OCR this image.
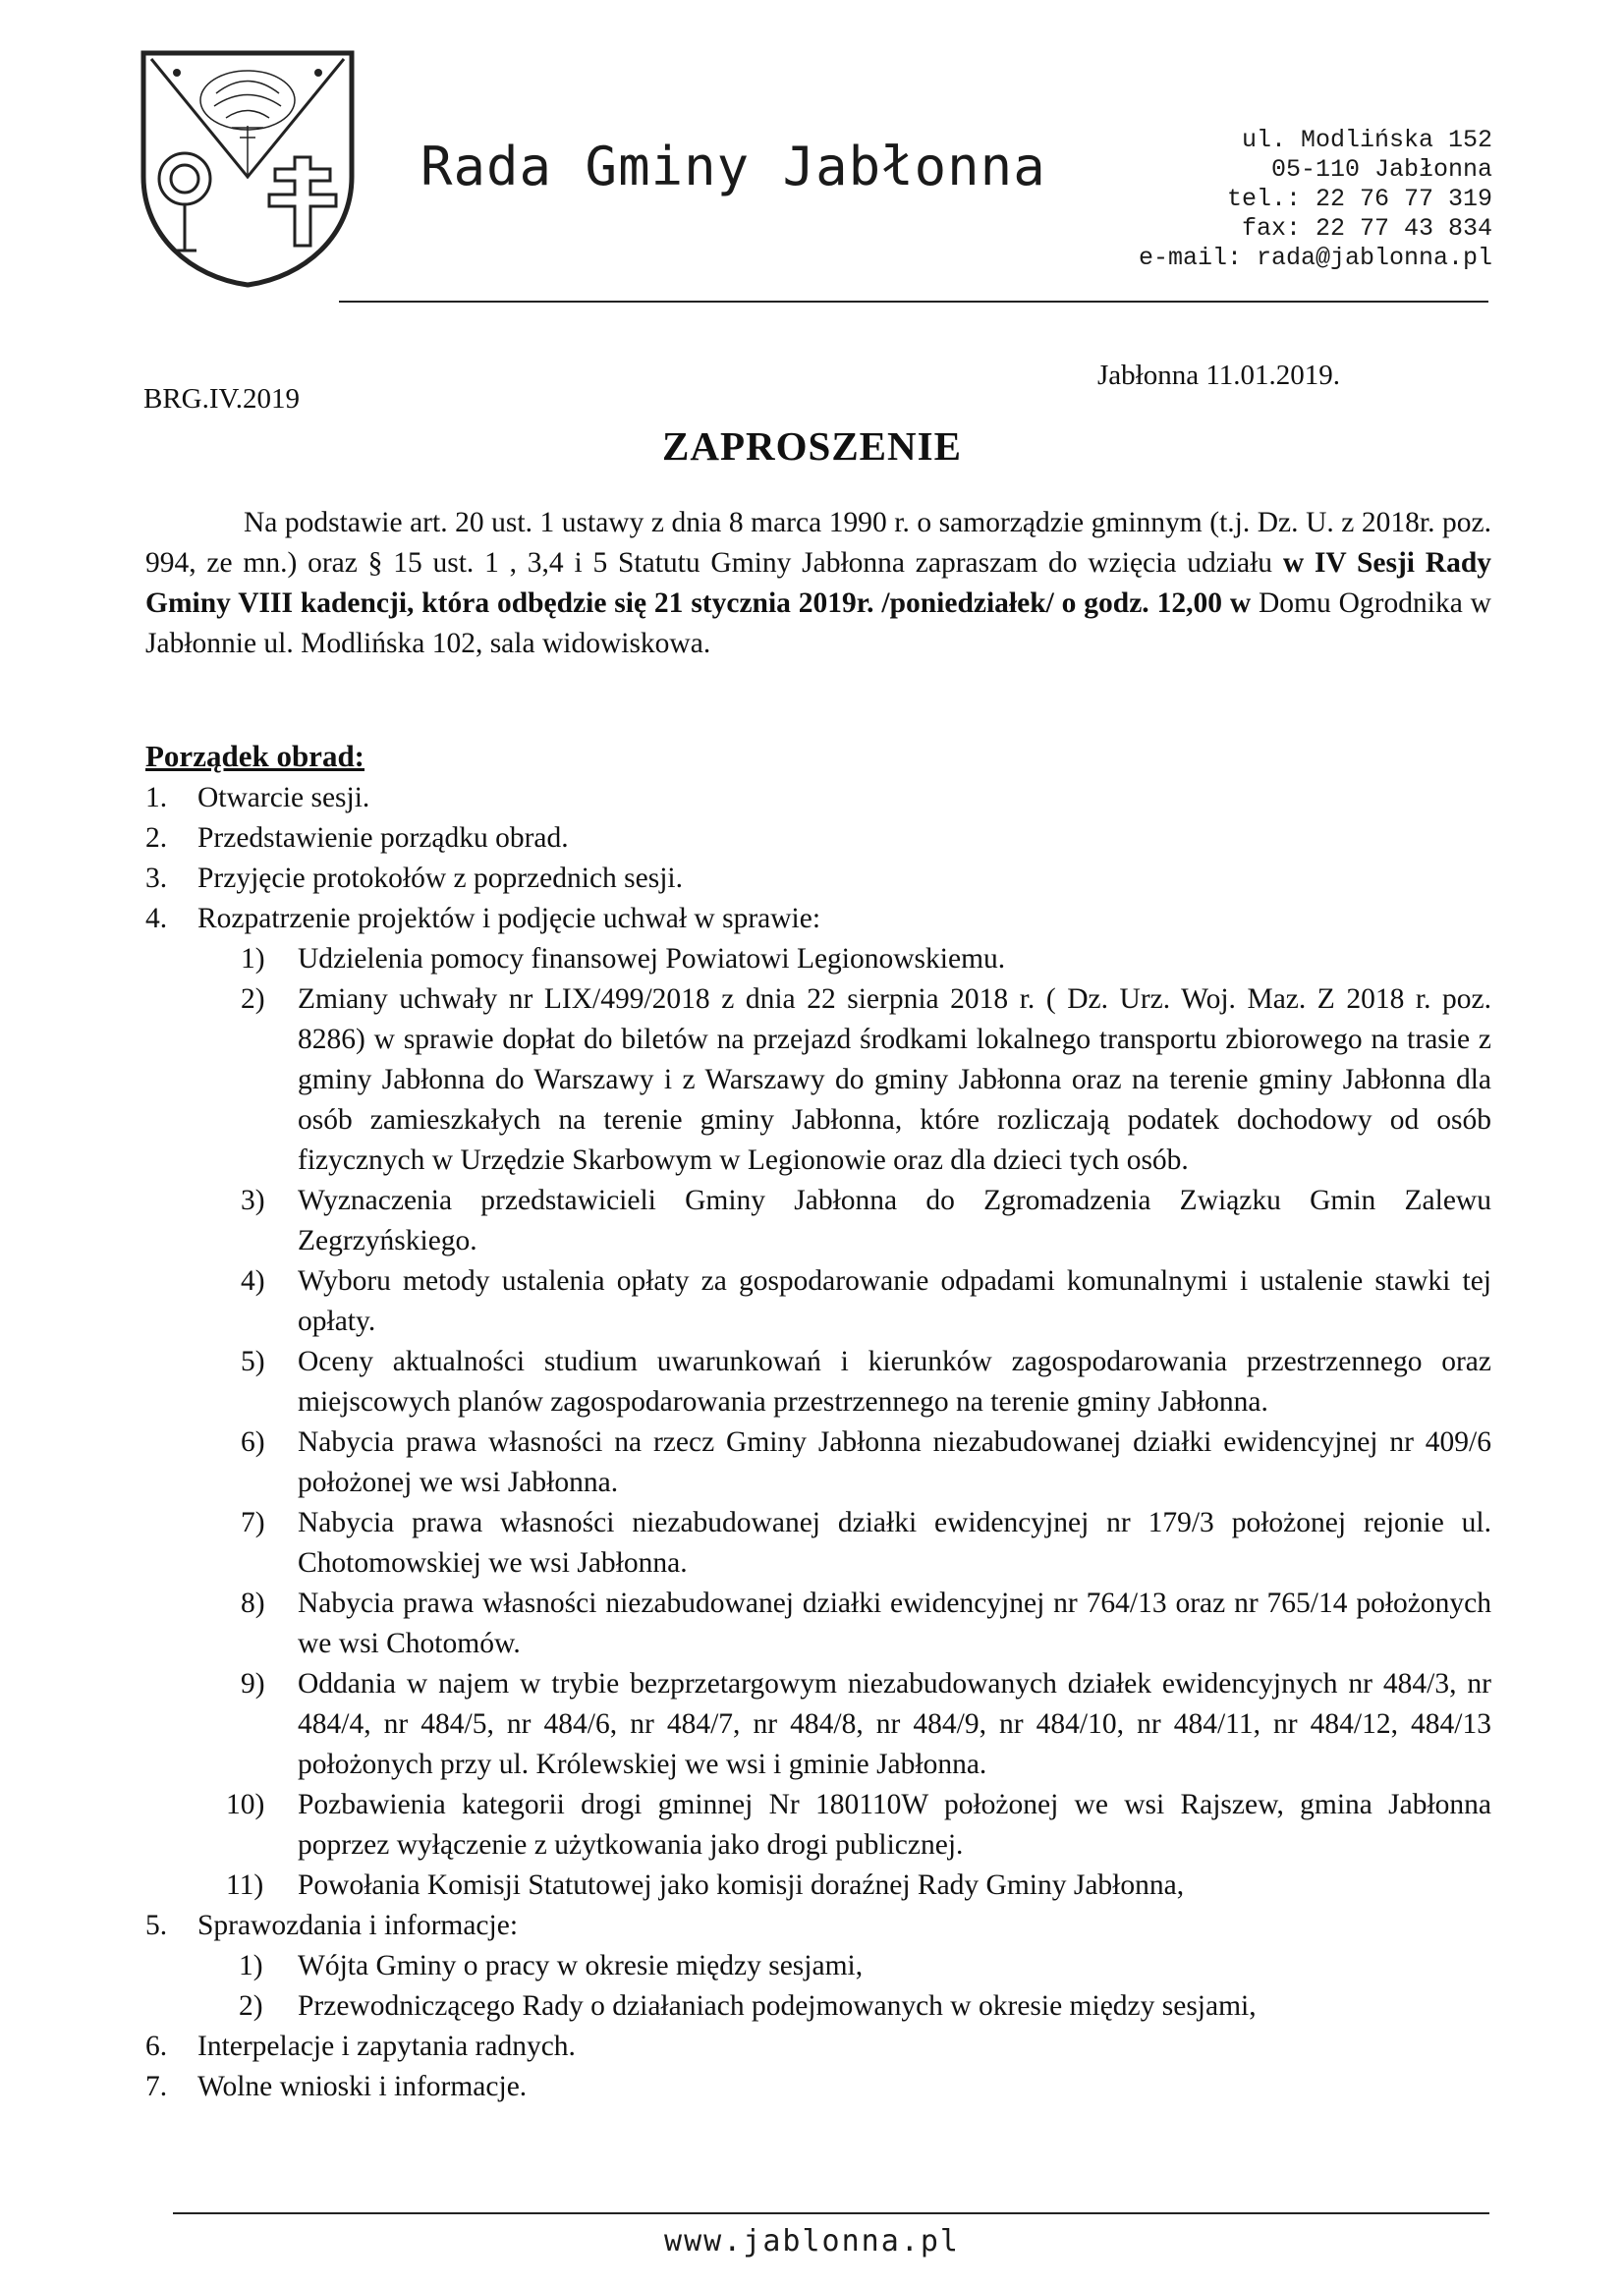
Rada Gminy Jabłonna	ul. Modlińska 152
05-110 Jabłonna
tel.: 22 76 77 319
fax: 22 77 43 834
e-mail: rada@jablonna.pl
Jabłonna 11.01.2019.
BRG.IV.2019
ZAPROSZENIE

Na podstawie art. 20 ust. 1 ustawy z dnia 8 marca 1990 r. o samorządzie gminnym (t.j. Dz. U. z 2018r. poz. 994, ze mn.) oraz § 15 ust. 1 , 3,4 i 5 Statutu Gminy Jabłonna zapraszam do wzięcia udziału w IV Sesji Rady Gminy VIII kadencji, która odbędzie się 21 stycznia 2019r. /poniedziałek/ o godz. 12,00 w Domu Ogrodnika w Jabłonnie ul. Modlińska 102, sala widowiskowa.

Porządek obrad:
1. Otwarcie sesji.
2. Przedstawienie porządku obrad.
3. Przyjęcie protokołów z poprzednich sesji.
4. Rozpatrzenie projektów i podjęcie uchwał w sprawie:
1) Udzielenia pomocy finansowej Powiatowi Legionowskiemu.
2) Zmiany uchwały nr LIX/499/2018 z dnia 22 sierpnia 2018 r. ( Dz. Urz. Woj. Maz. Z 2018 r. poz. 8286) w sprawie dopłat do biletów na przejazd środkami lokalnego transportu zbiorowego na trasie z gminy Jabłonna do Warszawy i z Warszawy do gminy Jabłonna oraz na terenie gminy Jabłonna dla osób zamieszkałych na terenie gminy Jabłonna, które rozliczają podatek dochodowy od osób fizycznych w Urzędzie Skarbowym w Legionowie oraz dla dzieci tych osób.
3) Wyznaczenia przedstawicieli Gminy Jabłonna do Zgromadzenia Związku Gmin Zalewu Zegrzyńskiego.
4) Wyboru metody ustalenia opłaty za gospodarowanie odpadami komunalnymi i ustalenie stawki tej opłaty.
5) Oceny aktualności studium uwarunkowań i kierunków zagospodarowania przestrzennego oraz miejscowych planów zagospodarowania przestrzennego na terenie gminy Jabłonna.
6) Nabycia prawa własności na rzecz Gminy Jabłonna niezabudowanej działki ewidencyjnej nr 409/6 położonej we wsi Jabłonna.
7) Nabycia prawa własności niezabudowanej działki ewidencyjnej nr 179/3 położonej rejonie ul. Chotomowskiej we wsi Jabłonna.
8) Nabycia prawa własności niezabudowanej działki ewidencyjnej nr 764/13 oraz nr 765/14 położonych we wsi Chotomów.
9) Oddania w najem w trybie bezprzetargowym niezabudowanych działek ewidencyjnych nr 484/3, nr 484/4, nr 484/5, nr 484/6, nr 484/7, nr 484/8, nr 484/9, nr 484/10, nr 484/11, nr 484/12, 484/13 położonych przy ul. Królewskiej we wsi i gminie Jabłonna.
10) Pozbawienia kategorii drogi gminnej Nr 180110W położonej we wsi Rajszew, gmina Jabłonna poprzez wyłączenie z użytkowania jako drogi publicznej.
11) Powołania Komisji Statutowej jako komisji doraźnej Rady Gminy Jabłonna,
5. Sprawozdania i informacje:
1) Wójta Gminy o pracy w okresie między sesjami,
2) Przewodniczącego Rady o działaniach podejmowanych w okresie między sesjami,
6. Interpelacje i zapytania radnych.
7. Wolne wnioski i informacje.
www.jablonna.pl
